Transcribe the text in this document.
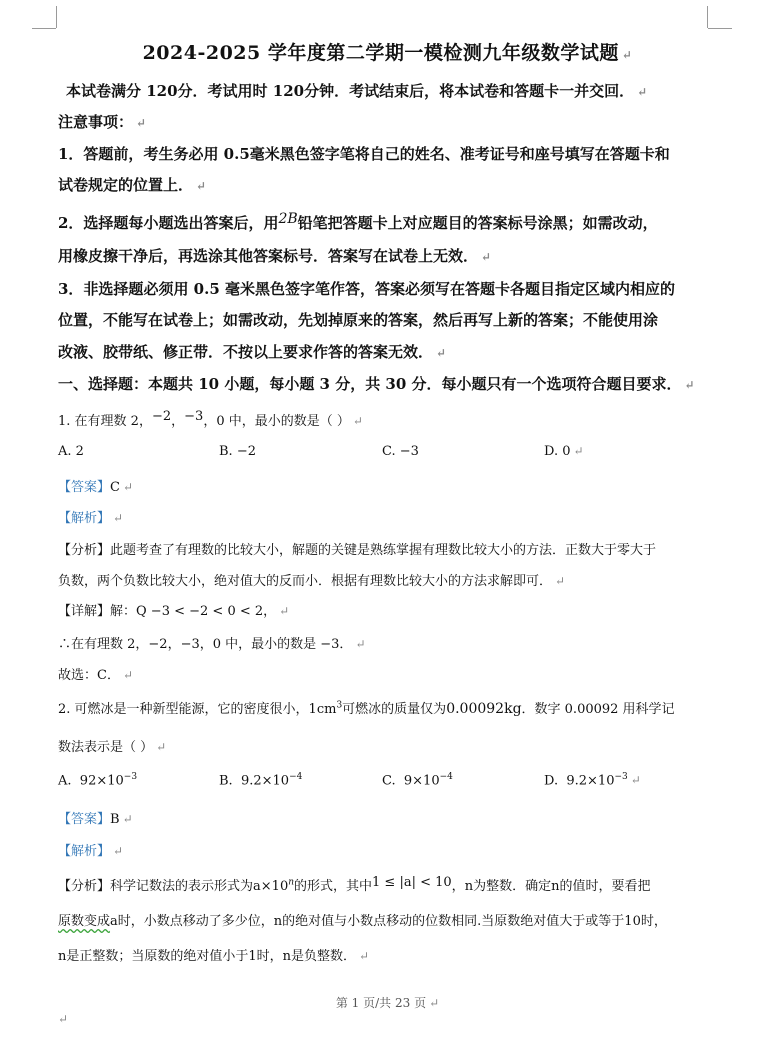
2024-2025 学年度第二学期一模检测九年级数学试题 ↵
本试卷满分 120分．考试用时 120分钟．考试结束后，将本试卷和答题卡一并交回． ↵
注意事项： ↵
1．答题前，考生务必用 0.5毫米黑色签字笔将自己的姓名、准考证号和座号填写在答题卡和
试卷规定的位置上． ↵
2．选择题每小题选出答案后，用2B铅笔把答题卡上对应题目的答案标号涂黑；如需改动，
用橡皮擦干净后，再选涂其他答案标号．答案写在试卷上无效． ↵
3．非选择题必须用 0.5 毫米黑色签字笔作答，答案必须写在答题卡各题目指定区域内相应的
位置，不能写在试卷上；如需改动，先划掉原来的答案，然后再写上新的答案；不能使用涂
改液、胶带纸、修正带．不按以上要求作答的答案无效． ↵
一、选择题：本题共 10 小题，每小题 3 分，共 30 分．每小题只有一个选项符合题目要求． ↵
1. 在有理数 2，−2，−3，0 中，最小的数是（ ） ↵
A. 2	B. −2	C. −3	D. 0 ↵
【答案】C ↵
【解析】 ↵
【分析】此题考查了有理数的比较大小，解题的关键是熟练掌握有理数比较大小的方法．正数大于零大于
负数，两个负数比较大小，绝对值大的反而小．根据有理数比较大小的方法求解即可． ↵
【详解】解：Q −3 < −2 < 0 < 2， ↵
∴在有理数 2，−2，−3，0 中，最小的数是 −3． ↵
故选：C． ↵
2. 可燃冰是一种新型能源，它的密度很小，$1cm^3$可燃冰的质量仅为0.00092kg．数字 0.00092 用科学记
数法表示是（ ） ↵
A. $92\times 10^{-3}$	B. $9.2\times 10^{-4}$	C. $9\times 10^{-4}$	D. $9.2\times 10^{-3}$ ↵
【答案】B ↵
【解析】 ↵
【分析】科学记数法的表示形式为$a\times 10^n$的形式，其中1 ≤ |a| < 10，n为整数．确定n的值时，要看把
原数变成a时，小数点移动了多少位，n的绝对值与小数点移动的位数相同.当原数绝对值大于或等于10时，
n是正整数；当原数的绝对值小于1时，n是负整数． ↵
第 1 页/共 23 页 ↵
↵
